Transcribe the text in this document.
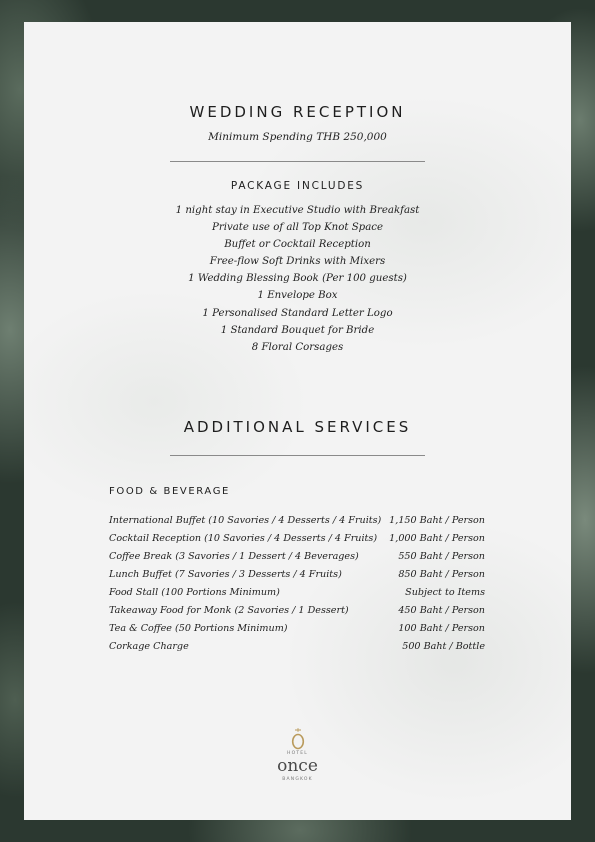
WEDDING RECEPTION
Minimum Spending THB 250,000
PACKAGE INCLUDES
1 night stay in Executive Studio with Breakfast
Private use of all Top Knot Space
Buffet or Cocktail Reception
Free-flow Soft Drinks with Mixers
1 Wedding Blessing Book (Per 100 guests)
1 Envelope Box
1 Personalised Standard Letter Logo
1 Standard Bouquet for Bride
8 Floral Corsages
ADDITIONAL SERVICES
FOOD & BEVERAGE
International Buffet (10 Savories / 4 Desserts / 4 Fruits) 1,150 Baht / Person
Cocktail Reception (10 Savories / 4 Desserts / 4 Fruits) 1,000 Baht / Person
Coffee Break (3 Savories / 1 Dessert / 4 Beverages)	550 Baht / Person
Lunch Buffet (7 Savories / 3 Desserts / 4 Fruits)	850 Baht / Person
Food Stall (100 Portions Minimum)	Subject to Items
Takeaway Food for Monk (2 Savories / 1 Dessert)	450 Baht / Person
Tea & Coffee (50 Portions Minimum)	100 Baht / Person
Corkage Charge	500 Baht / Bottle
HOTEL
once
BANGKOK
